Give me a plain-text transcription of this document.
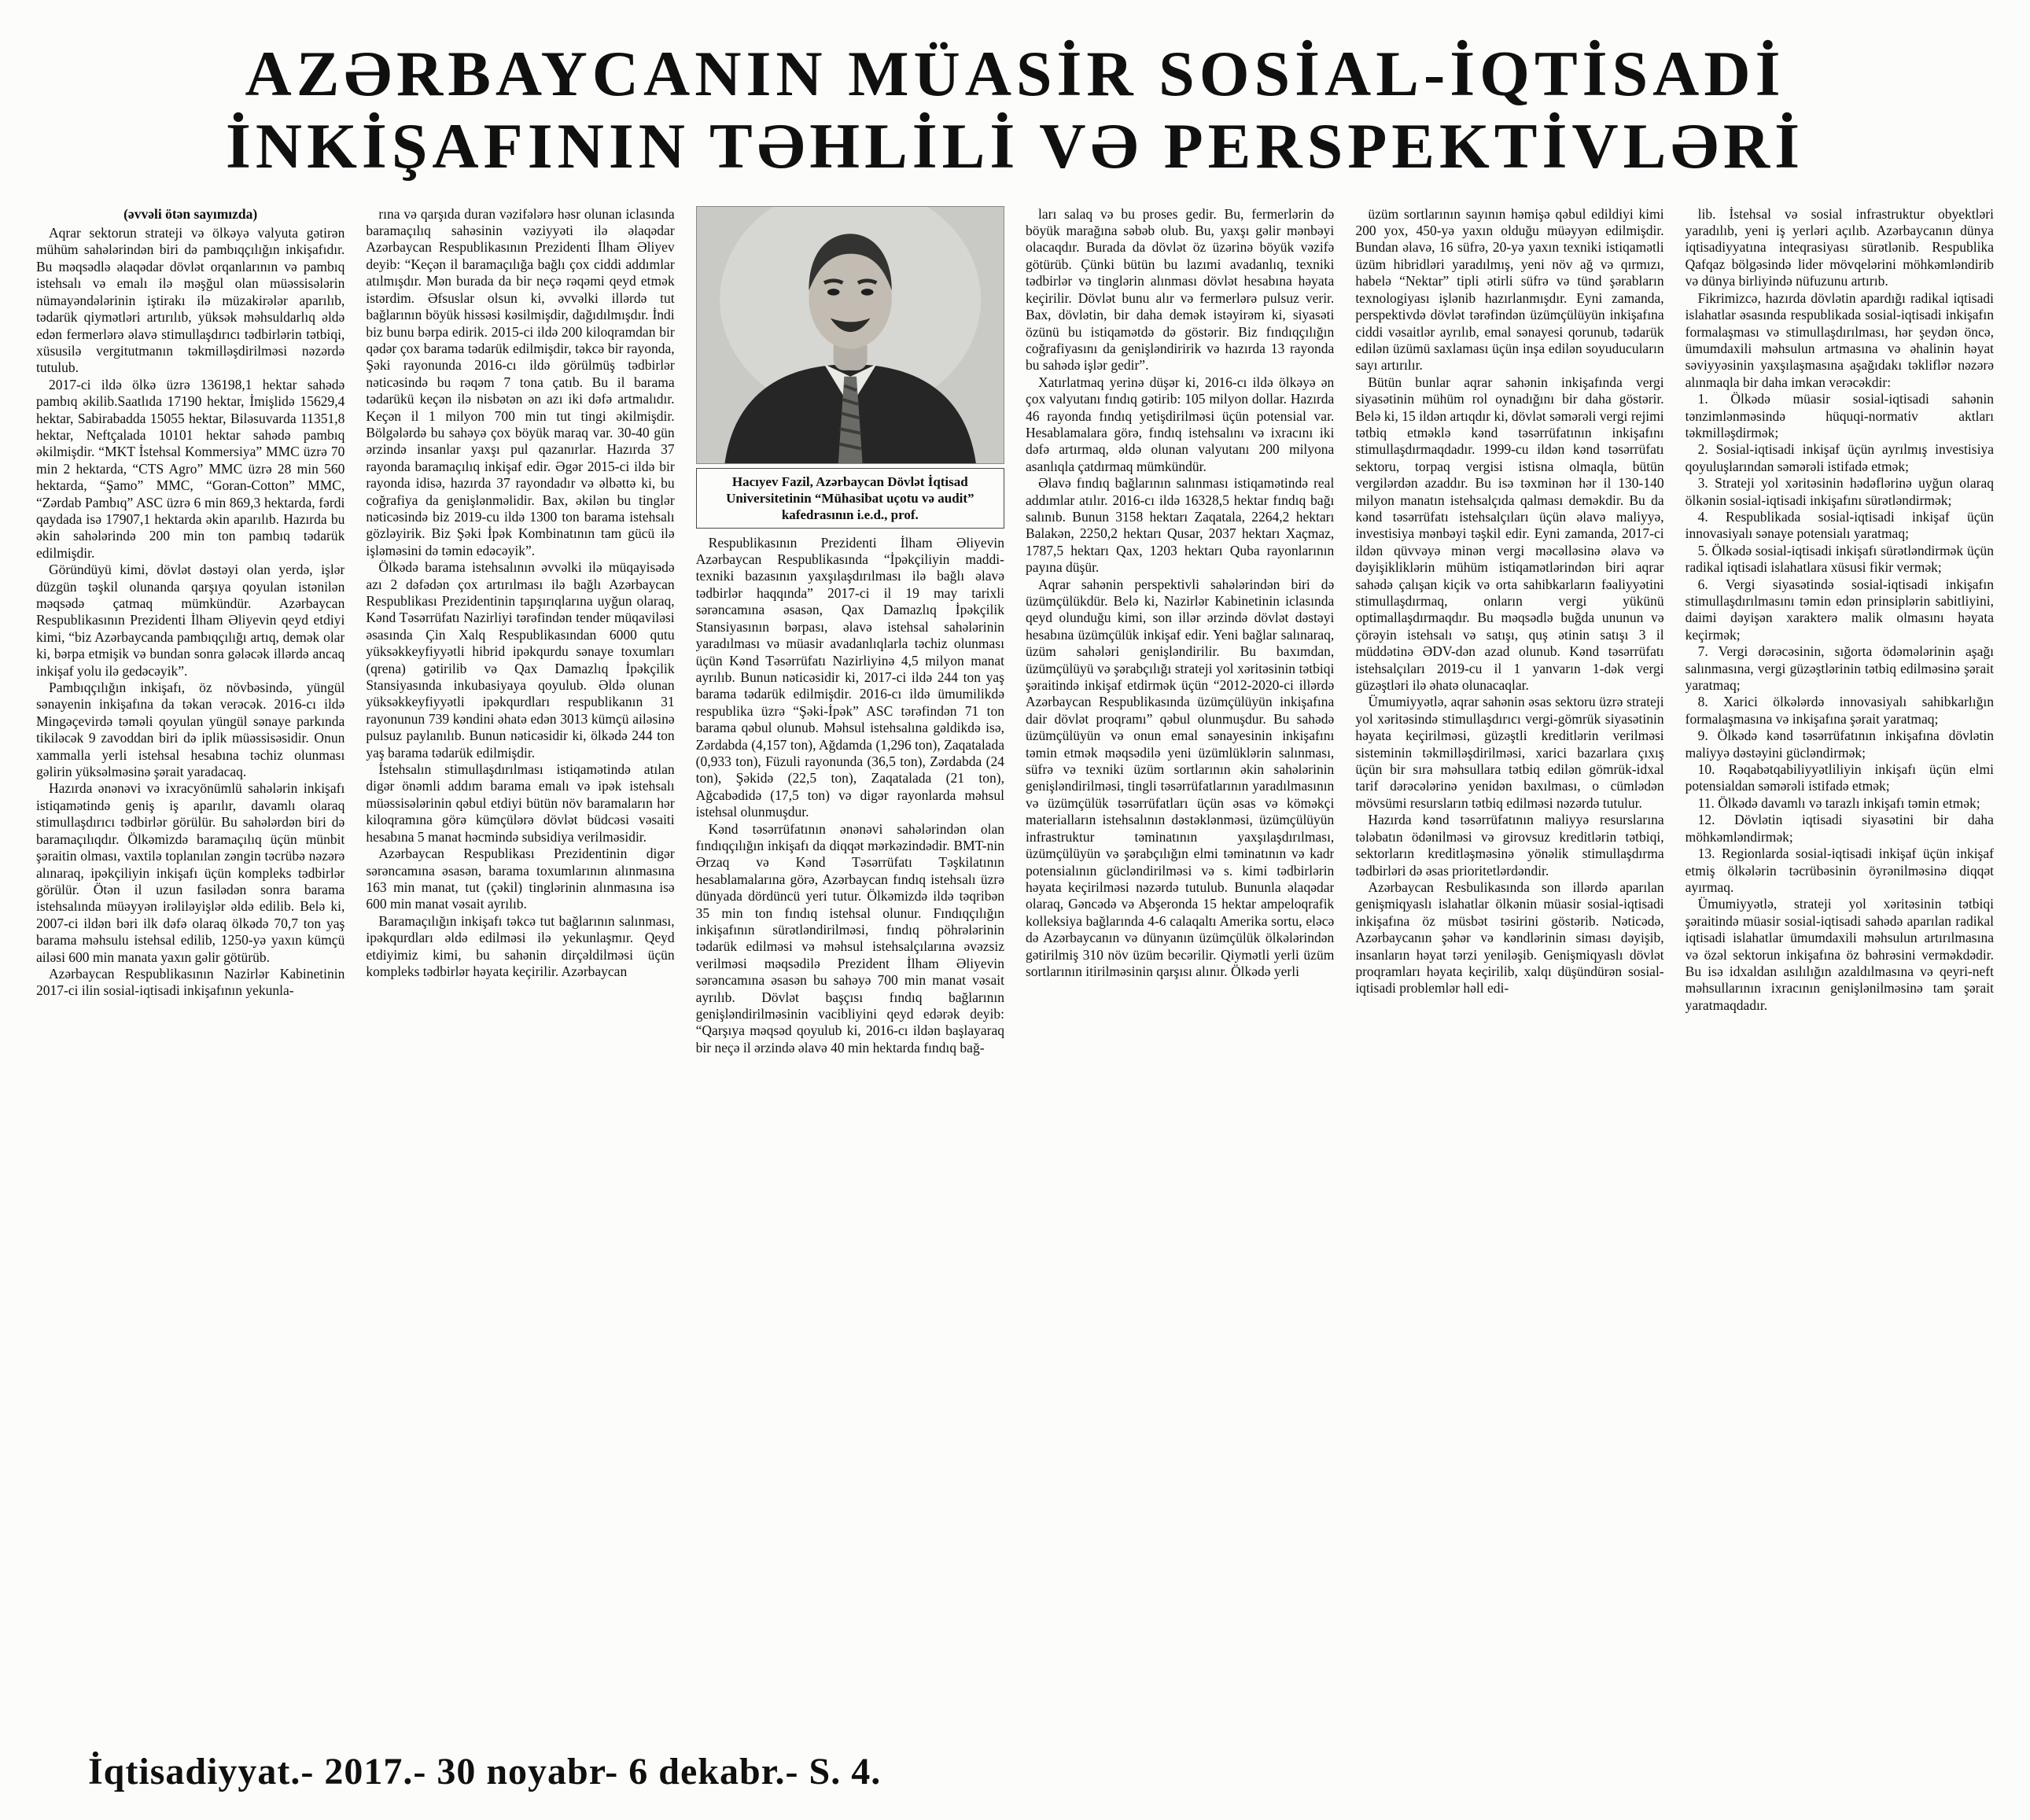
AZƏRBAYCANIN MÜASİR SOSİAL-İQTİSADİ
İNKİŞAFININ TƏHLİLİ VƏ PERSPEKTİVLƏRİ

(əvvəli ötən sayımızda)

Aqrar sektorun strateji və ölkəyə valyuta gətirən mühüm sahələrindən biri də pambıqçılığın inkişafıdır. Bu məqsədlə əlaqədar dövlət orqanlarının və pambıq istehsalı və emalı ilə məşğul olan müəssisələrin nümayəndələrinin iştirakı ilə müzakirələr aparılıb, tədarük qiymətləri artırılıb, yüksək məhsuldarlıq əldə edən fermerlərə əlavə stimullaşdırıcı tədbirlərin tətbiqi, xüsusilə vergitutmanın təkmilləşdirilməsi nəzərdə tutulub.

2017-ci ildə ölkə üzrə 136198,1 hektar sahədə pambıq əkilib.Saatlıda 17190 hektar, İmişlidə 15629,4 hektar, Sabirabadda 15055 hektar, Biləsuvarda 11351,8 hektar, Neftçalada 10101 hektar sahədə pambıq əkilmişdir. “MKT İstehsal Kommersiya” MMC üzrə 70 min 2 hektarda, “CTS Agro” MMC üzrə 28 min 560 hektarda, “Şamo” MMC, “Goran-Cotton” MMC, “Zərdab Pambıq” ASC üzrə 6 min 869,3 hektarda, fərdi qaydada isə 17907,1 hektarda əkin aparılıb. Hazırda bu əkin sahələrində 200 min ton pambıq tədarük edilmişdir.

Göründüyü kimi, dövlət dəstəyi olan yerdə, işlər düzgün təşkil olunanda qarşıya qoyulan istənilən məqsədə çatmaq mümkündür. Azərbaycan Respublikasının Prezidenti İlham Əliyevin qeyd etdiyi kimi, “biz Azərbaycanda pambıqçılığı artıq, demək olar ki, bərpa etmişik və bundan sonra gələcək illərdə ancaq inkişaf yolu ilə gedəcəyik”.

Pambıqçılığın inkişafı, öz növbəsində, yüngül sənayenin inkişafına da təkan verəcək. 2016-cı ildə Mingəçevirdə təməli qoyulan yüngül sənaye parkında tikiləcək 9 zavoddan biri də iplik müəssisəsidir. Onun xammalla yerli istehsal hesabına təchiz olunması gəlirin yüksəlməsinə şərait yaradacaq.

Hazırda ənənəvi və ixracyönümlü sahələrin inkişafı istiqamətində geniş iş aparılır, davamlı olaraq stimullaşdırıcı tədbirlər görülür. Bu sahələrdən biri də baramaçılıqdır. Ölkəmizdə baramaçılıq üçün münbit şəraitin olması, vaxtilə toplanılan zəngin təcrübə nəzərə alınaraq, ipəkçiliyin inkişafı üçün kompleks tədbirlər görülür. Ötən il uzun fasilədən sonra barama istehsalında müəyyən irəliləyişlər əldə edilib. Belə ki, 2007-ci ildən bəri ilk dəfə olaraq ölkədə 70,7 ton yaş barama məhsulu istehsal edilib, 1250-yə yaxın kümçü ailəsi 600 min manata yaxın gəlir götürüb.

Azərbaycan Respublikasının Nazirlər Kabinetinin 2017-ci ilin sosial-iqtisadi inkişafının yekunla-

rına və qarşıda duran vəzifələrə həsr olunan iclasında baramaçılıq sahəsinin vəziyyəti ilə əlaqədar Azərbaycan Respublikasının Prezidenti İlham Əliyev deyib: “Keçən il baramaçılığa bağlı çox ciddi addımlar atılmışdır. Mən burada da bir neçə rəqəmi qeyd etmək istərdim. Əfsuslar olsun ki, əvvəlki illərdə tut bağlarının böyük hissəsi kəsilmişdir, dağıdılmışdır. İndi biz bunu bərpa edirik. 2015-ci ildə 200 kiloqramdan bir qədər çox barama tədarük edilmişdir, təkcə bir rayonda, Şəki rayonunda 2016-cı ildə görülmüş tədbirlər nəticəsində bu rəqəm 7 tona çatıb. Bu il barama tədarükü keçən ilə nisbətən ən azı iki dəfə artmalıdır. Keçən il 1 milyon 700 min tut tingi əkilmişdir. Bölgələrdə bu sahəyə çox böyük maraq var. 30-40 gün ərzində insanlar yaxşı pul qazanırlar. Hazırda 37 rayonda baramaçılıq inkişaf edir. Əgər 2015-ci ildə bir rayonda idisə, hazırda 37 rayondadır və əlbəttə ki, bu coğrafiya da genişlənməlidir. Bax, əkilən bu tinglər nəticəsində biz 2019-cu ildə 1300 ton barama istehsalı gözləyirik. Biz Şəki İpək Kombinatının tam gücü ilə işləməsini də təmin edəcəyik”.

Ölkədə barama istehsalının əvvəlki ilə müqayisədə azı 2 dəfədən çox artırılması ilə bağlı Azərbaycan Respublikası Prezidentinin tapşırıqlarına uyğun olaraq, Kənd Təsərrüfatı Nazirliyi tərəfindən tender müqaviləsi əsasında Çin Xalq Respublikasından 6000 qutu yüksəkkeyfiyyətli hibrid ipəkqurdu sənaye toxumları (qrena) gətirilib və Qax Damazlıq İpəkçilik Stansiyasında inkubasiyaya qoyulub. Əldə olunan yüksəkkeyfiyyətli ipəkqurdları respublikanın 31 rayonunun 739 kəndini əhatə edən 3013 kümçü ailəsinə pulsuz paylanılıb. Bunun nəticəsidir ki, ölkədə 244 ton yaş barama tədarük edilmişdir.

İstehsalın stimullaşdırılması istiqamətində atılan digər önəmli addım barama emalı və ipək istehsalı müəssisələrinin qəbul etdiyi bütün növ baramaların hər kiloqramına görə kümçülərə dövlət büdcəsi vəsaiti hesabına 5 manat həcmində subsidiya verilməsidir.

Azərbaycan Respublikası Prezidentinin digər sərəncamına əsasən, barama toxumlarının alınmasına 163 min manat, tut (çəkil) tinglərinin alınmasına isə 600 min manat vəsait ayrılıb.

Baramaçılığın inkişafı təkcə tut bağlarının salınması, ipəkqurdları əldə edilməsi ilə yekunlaşmır. Qeyd etdiyimiz kimi, bu sahənin dirçəldilməsi üçün kompleks tədbirlər həyata keçirilir. Azərbaycan

Hacıyev Fazil, Azərbaycan Dövlət İqtisad Universitetinin “Mühasibat uçotu və audit” kafedrasının i.e.d., prof.

Respublikasının Prezidenti İlham Əliyevin Azərbaycan Respublikasında “İpəkçiliyin maddi-texniki bazasının yaxşılaşdırılması ilə bağlı əlavə tədbirlər haqqında” 2017-ci il 19 may tarixli sərəncamına əsasən, Qax Damazlıq İpəkçilik Stansiyasının bərpası, əlavə istehsal sahələrinin yaradılması və müasir avadanlıqlarla təchiz olunması üçün Kənd Təsərrüfatı Nazirliyinə 4,5 milyon manat ayrılıb. Bunun nəticəsidir ki, 2017-ci ildə 244 ton yaş barama tədarük edilmişdir. 2016-cı ildə ümumilikdə respublika üzrə “Şəki-İpək” ASC tərəfindən 71 ton barama qəbul olunub. Məhsul istehsalına gəldikdə isə, Zərdabda (4,157 ton), Ağdamda (1,296 ton), Zaqatalada (0,933 ton), Füzuli rayonunda (36,5 ton), Zərdabda (24 ton), Şəkidə (22,5 ton), Zaqatalada (21 ton), Ağcabədidə (17,5 ton) və digər rayonlarda məhsul istehsal olunmuşdur.

Kənd təsərrüfatının ənənəvi sahələrindən olan fındıqçılığın inkişafı da diqqət mərkəzindədir. BMT-nin Ərzaq və Kənd Təsərrüfatı Təşkilatının hesablamalarına görə, Azərbaycan fındıq istehsalı üzrə dünyada dördüncü yeri tutur. Ölkəmizdə ildə təqribən 35 min ton fındıq istehsal olunur. Fındıqçılığın inkişafının sürətləndirilməsi, fındıq pöhrələrinin tədarük edilməsi və məhsul istehsalçılarına əvəzsiz verilməsi məqsədilə Prezident İlham Əliyevin sərəncamına əsasən bu sahəyə 700 min manat vəsait ayrılıb. Dövlət başçısı fındıq bağlarının genişləndirilməsinin vacibliyini qeyd edərək deyib: “Qarşıya məqsəd qoyulub ki, 2016-cı ildən başlayaraq bir neçə il ərzində əlavə 40 min hektarda fındıq bağ-

ları salaq və bu proses gedir. Bu, fermerlərin də böyük marağına səbəb olub. Bu, yaxşı gəlir mənbəyi olacaqdır. Burada da dövlət öz üzərinə böyük vəzifə götürüb. Çünki bütün bu lazımi avadanlıq, texniki tədbirlər və tinglərin alınması dövlət hesabına həyata keçirilir. Dövlət bunu alır və fermerlərə pulsuz verir. Bax, dövlətin, bir daha demək istəyirəm ki, siyasəti özünü bu istiqamətdə də göstərir. Biz fındıqçılığın coğrafiyasını da genişləndiririk və hazırda 13 rayonda bu sahədə işlər gedir”.

Xatırlatmaq yerinə düşər ki, 2016-cı ildə ölkəyə ən çox valyutanı fındıq gətirib: 105 milyon dollar. Hazırda 46 rayonda fındıq yetişdirilməsi üçün potensial var. Hesablamalara görə, fındıq istehsalını və ixracını iki dəfə artırmaq, əldə olunan valyutanı 200 milyona asanlıqla çatdırmaq mümkündür.

Əlavə fındıq bağlarının salınması istiqamətində real addımlar atılır. 2016-cı ildə 16328,5 hektar fındıq bağı salınıb. Bunun 3158 hektarı Zaqatala, 2264,2 hektarı Balakən, 2250,2 hektarı Qusar, 2037 hektarı Xaçmaz, 1787,5 hektarı Qax, 1203 hektarı Quba rayonlarının payına düşür.

Aqrar sahənin perspektivli sahələrindən biri də üzümçülükdür. Belə ki, Nazirlər Kabinetinin iclasında qeyd olunduğu kimi, son illər ərzində dövlət dəstəyi hesabına üzümçülük inkişaf edir. Yeni bağlar salınaraq, üzüm sahələri genişləndirilir. Bu baxımdan, üzümçülüyü və şərabçılığı strateji yol xəritəsinin tətbiqi şəraitində inkişaf etdirmək üçün “2012-2020-ci illərdə Azərbaycan Respublikasında üzümçülüyün inkişafına dair dövlət proqramı” qəbul olunmuşdur. Bu sahədə üzümçülüyün və onun emal sənayesinin inkişafını təmin etmək məqsədilə yeni üzümlüklərin salınması, süfrə və texniki üzüm sortlarının əkin sahələrinin genişləndirilməsi, tingli təsərrüfatlarının yaradılmasının və üzümçülük təsərrüfatları üçün əsas və köməkçi materialların istehsalının dəstəklənməsi, üzümçülüyün infrastruktur təminatının yaxşılaşdırılması, üzümçülüyün və şərabçılığın elmi təminatının və kadr potensialının gücləndirilməsi və s. kimi tədbirlərin həyata keçirilməsi nəzərdə tutulub. Bununla əlaqədar olaraq, Gəncədə və Abşeronda 15 hektar ampeloqrafik kolleksiya bağlarında 4-6 calaqaltı Amerika sortu, eləcə də Azərbaycanın və dünyanın üzümçülük ölkələrindən gətirilmiş 310 növ üzüm becərilir. Qiymətli yerli üzüm sortlarının itirilməsinin qarşısı alınır. Ölkədə yerli

üzüm sortlarının sayının həmişə qəbul edildiyi kimi 200 yox, 450-yə yaxın olduğu müəyyən edilmişdir. Bundan əlavə, 16 süfrə, 20-yə yaxın texniki istiqamətli üzüm hibridləri yaradılmış, yeni növ ağ və qırmızı, habelə “Nektar” tipli ətirli süfrə və tünd şərabların texnologiyası işlənib hazırlanmışdır. Eyni zamanda, perspektivdə dövlət tərəfindən üzümçülüyün inkişafına ciddi vəsaitlər ayrılıb, emal sənayesi qorunub, tədarük edilən üzümü saxlaması üçün inşa edilən soyuducuların sayı artırılır.

Bütün bunlar aqrar sahənin inkişafında vergi siyasətinin mühüm rol oynadığını bir daha göstərir. Belə ki, 15 ildən artıqdır ki, dövlət səmərəli vergi rejimi tətbiq etməklə kənd təsərrüfatının inkişafını stimullaşdırmaqdadır. 1999-cu ildən kənd təsərrüfatı sektoru, torpaq vergisi istisna olmaqla, bütün vergilərdən azaddır. Bu isə təxminən hər il 130-140 milyon manatın istehsalçıda qalması deməkdir. Bu da kənd təsərrüfatı istehsalçıları üçün əlavə maliyyə, investisiya mənbəyi təşkil edir. Eyni zamanda, 2017-ci ildən qüvvəyə minən vergi məcəlləsinə əlavə və dəyişikliklərin mühüm istiqamətlərindən biri aqrar sahədə çalışan kiçik və orta sahibkarların fəaliyyətini stimullaşdırmaq, onların vergi yükünü optimallaşdırmaqdır. Bu məqsədlə buğda ununun və çörəyin istehsalı və satışı, quş ətinin satışı 3 il müddətinə ƏDV-dən azad olunub. Kənd təsərrüfatı istehsalçıları 2019-cu il 1 yanvarın 1-dək vergi güzəştləri ilə əhatə olunacaqlar.

Ümumiyyətlə, aqrar sahənin əsas sektoru üzrə strateji yol xəritəsində stimullaşdırıcı vergi-gömrük siyasətinin həyata keçirilməsi, güzəştli kreditlərin verilməsi sisteminin təkmilləşdirilməsi, xarici bazarlara çıxış üçün bir sıra məhsullara tətbiq edilən gömrük-idxal tarif dərəcələrinə yenidən baxılması, o cümlədən mövsümi resursların tətbiq edilməsi nəzərdə tutulur.

Hazırda kənd təsərrüfatının maliyyə resurslarına tələbatın ödənilməsi və girovsuz kreditlərin tətbiqi, sektorların kreditləşməsinə yönəlik stimullaşdırma tədbirləri də əsas prioritetlərdəndir.

Azərbaycan Resbulikasında son illərdə aparılan genişmiqyaslı islahatlar ölkənin müasir sosial-iqtisadi inkişafına öz müsbət təsirini göstərib. Nəticədə, Azərbaycanın şəhər və kəndlərinin siması dəyişib, insanların həyat tərzi yeniləşib. Genişmiqyaslı dövlət proqramları həyata keçirilib, xalqı düşündürən sosial-iqtisadi problemlər həll edi-

lib. İstehsal və sosial infrastruktur obyektləri yaradılıb, yeni iş yerləri açılıb. Azərbaycanın dünya iqtisadiyyatına inteqrasiyası sürətlənib. Respublika Qafqaz bölgəsində lider mövqelərini möhkəmləndirib və dünya birliyində nüfuzunu artırıb.

Fikrimizcə, hazırda dövlətin apardığı radikal iqtisadi islahatlar əsasında respublikada sosial-iqtisadi inkişafın formalaşması və stimullaşdırılması, hər şeydən öncə, ümumdaxili məhsulun artmasına və əhalinin həyat səviyyəsinin yaxşılaşmasına aşağıdakı təkliflər nəzərə alınmaqla bir daha imkan verəcəkdir:

1. Ölkədə müasir sosial-iqtisadi sahənin tənzimlənməsində hüquqi-normativ aktları təkmilləşdirmək;

2. Sosial-iqtisadi inkişaf üçün ayrılmış investisiya qoyuluşlarından səmərəli istifadə etmək;

3. Strateji yol xəritəsinin hədəflərinə uyğun olaraq ölkənin sosial-iqtisadi inkişafını sürətləndirmək;

4. Respublikada sosial-iqtisadi inkişaf üçün innovasiyalı sənaye potensialı yaratmaq;

5. Ölkədə sosial-iqtisadi inkişafı sürətləndirmək üçün radikal iqtisadi islahatlara xüsusi fikir vermək;

6. Vergi siyasətində sosial-iqtisadi inkişafın stimullaşdırılmasını təmin edən prinsiplərin sabitliyini, daimi dəyişən xarakterə malik olmasını həyata keçirmək;

7. Vergi dərəcəsinin, sığorta ödəmələrinin aşağı salınmasına, vergi güzəştlərinin tətbiq edilməsinə şərait yaratmaq;

8. Xarici ölkələrdə innovasiyalı sahibkarlığın formalaşmasına və inkişafına şərait yaratmaq;

9. Ölkədə kənd təsərrüfatının inkişafına dövlətin maliyyə dəstəyini gücləndirmək;

10. Rəqabətqabiliyyətliliyin inkişafı üçün elmi potensialdan səmərəli istifadə etmək;

11. Ölkədə davamlı və tarazlı inkişafı təmin etmək;

12. Dövlətin iqtisadi siyasətini bir daha möhkəmləndirmək;

13. Regionlarda sosial-iqtisadi inkişaf üçün inkişaf etmiş ölkələrin təcrübəsinin öyrənilməsinə diqqət ayırmaq.

Ümumiyyətlə, strateji yol xəritəsinin tətbiqi şəraitində müasir sosial-iqtisadi sahədə aparılan radikal iqtisadi islahatlar ümumdaxili məhsulun artırılmasına və özəl sektorun inkişafına öz bəhrəsini verməkdədir. Bu isə idxaldan asılılığın azaldılmasına və qeyri-neft məhsullarının ixracının genişlənilməsinə tam şərait yaratmaqdadır.

İqtisadiyyat.- 2017.- 30 noyabr- 6 dekabr.- S. 4.
